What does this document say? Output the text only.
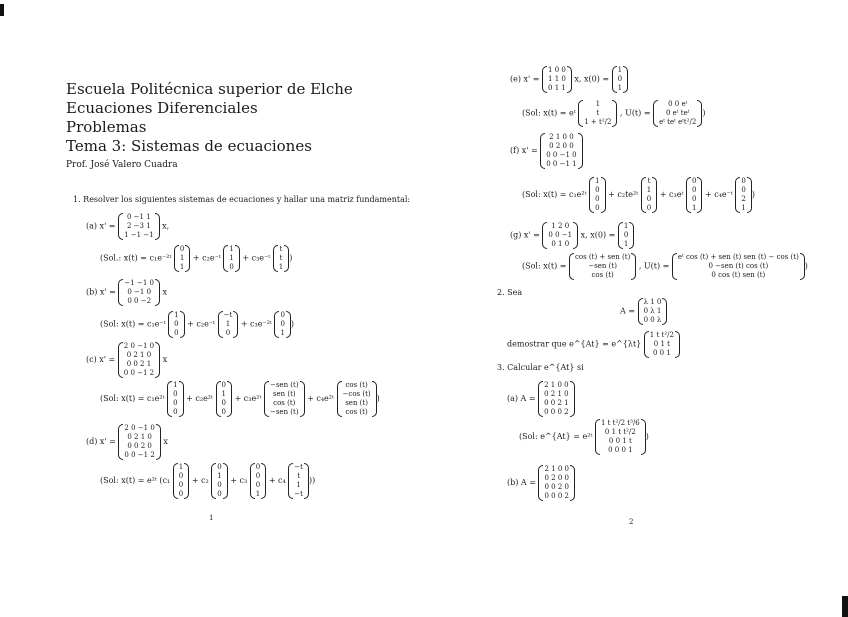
Escuela Politécnica superior de Elche
Ecuaciones Diferenciales
Problemas
Tema 3: Sistemas de ecuaciones
Prof. José Valero Cuadra
1. Resolver los siguientes sistemas de ecuaciones y hallar una matriz fundamental:
(a) x' =
0 −1 1
2 −3 1
1 −1 −1
x,
(Sol.: x(t) = c₁e⁻²ᵗ
0
1
1
+ c₂e⁻ᵗ
1
1
0
+ c₃e⁻ᵗ
t
t
1
)
(b) x' =
−1 −1 0
0 −1 0
0 0 −2
x
(Sol: x(t) = c₁e⁻ᵗ
1
0
0
+ c₂e⁻ᵗ
−t
1
0
+ c₃e⁻²ᵗ
0
0
1
)
(c) x' =
2 0 −1 0
0 2 1 0
0 0 2 1
0 0 −1 2
x
(Sol: x(t) = c₁e²ᵗ
1
0
0
0
+ c₂e²ᵗ
0
1
0
0
+ c₃e²ᵗ
−sen (t)
sen (t)
cos (t)
−sen (t)
+ c₄e²ᵗ
cos (t)
−cos (t)
sen (t)
cos (t)
)
(d) x' =
2 0 −1 0
0 2 1 0
0 0 2 0
0 0 −1 2
x
(Sol: x(t) = e²ᵗ (c₁
1
0
0
0
+ c₂
0
1
0
0
+ c₃
0
0
0
1
+ c₄
−t
t
1
−t
))
1
(e) x' =
1 0 0
1 1 0
0 1 1
x, x(0) =
1
0
1
(Sol: x(t) = eᵗ
1
t
1 + t²/2
, U(t) =
0 0 eᵗ
0 eᵗ teᵗ
eᵗ teᵗ eᵗt²/2
)
(f) x' =
2 1 0 0
0 2 0 0
0 0 −1 0
0 0 −1 1
(Sol: x(t) = c₁e²ᵗ
1
0
0
0
+ c₂te²ᵗ
t
1
0
0
+ c₃eᵗ
0
0
0
1
+ c₄e⁻ᵗ
0
0
2
1
)
(g) x' =
1 2 0
0 0 −1
0 1 0
x, x(0) =
1
0
1
(Sol: x(t) =
cos (t) + sen (t)
−sen (t)
cos (t)
, U(t) =
eᵗ cos (t) + sen (t) sen (t) − cos (t)
0 −sen (t) cos (t)
0 cos (t) sen (t)
)
2. Sea
A =
λ 1 0
0 λ 1
0 0 λ
demostrar que e^{At} = e^{λt}
1 t t²/2
0 1 t
0 0 1
3. Calcular e^{At} si
(a) A =
2 1 0 0
0 2 1 0
0 0 2 1
0 0 0 2
(Sol: e^{At} = e²ᵗ
1 t t²/2 t³/6
0 1 t t²/2
0 0 1 t
0 0 0 1
)
(b) A =
2 1 0 0
0 2 0 0
0 0 2 0
0 0 0 2
2
